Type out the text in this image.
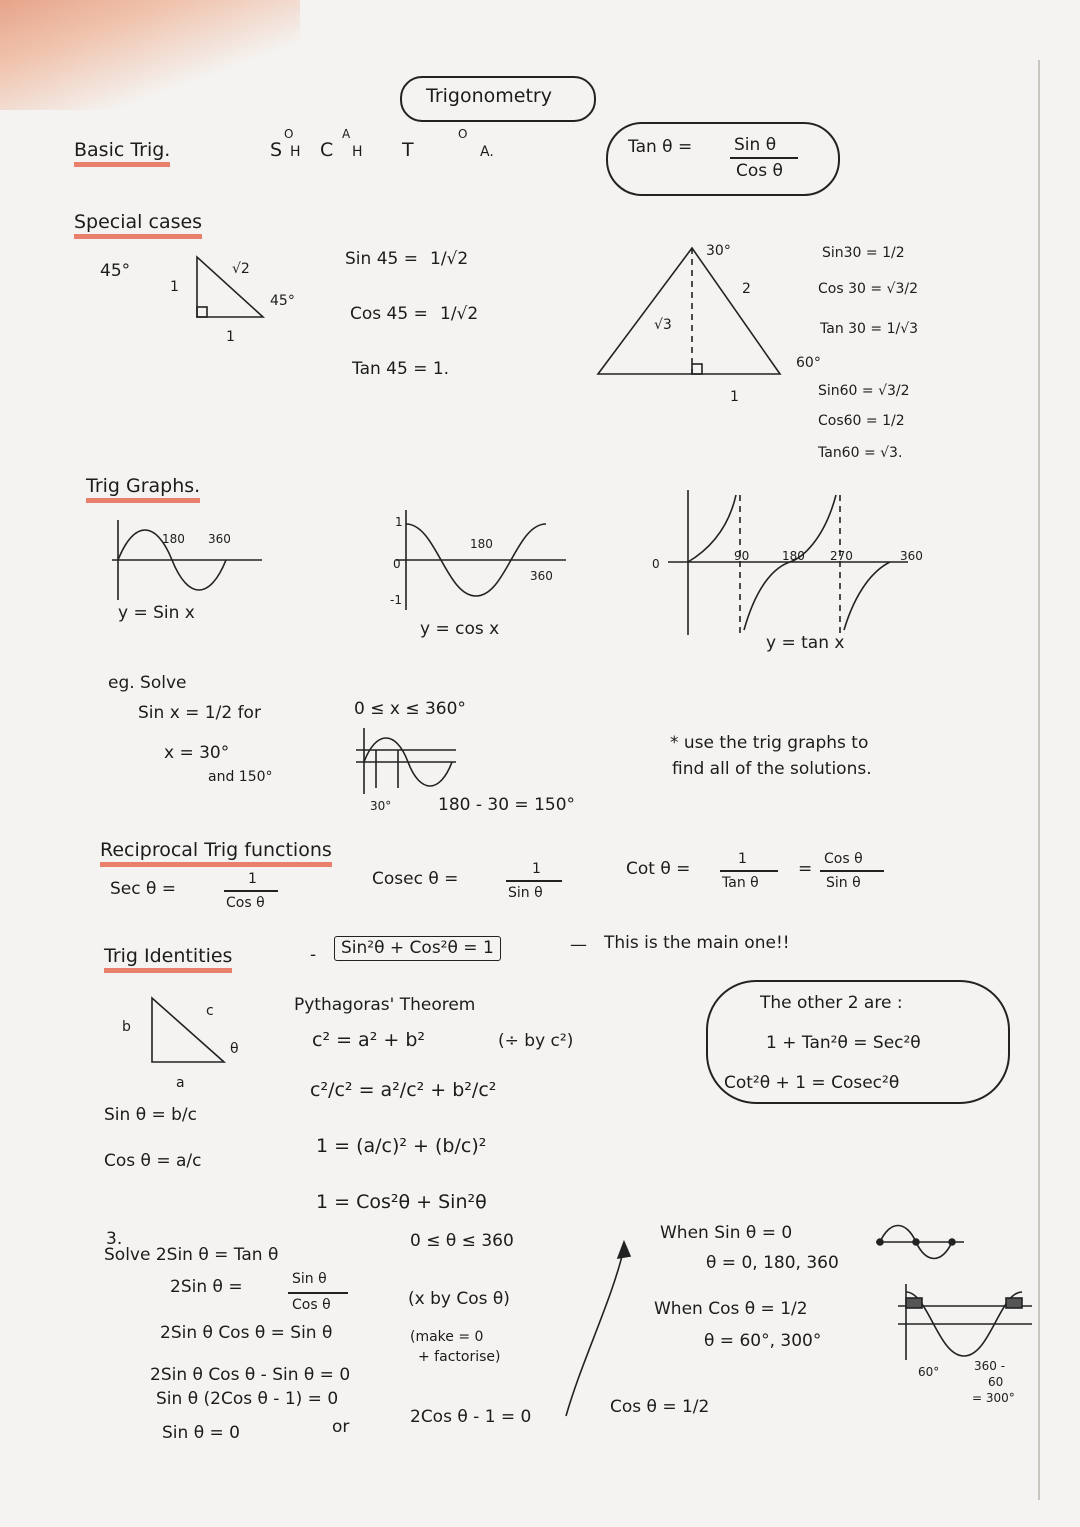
Trigonometry
Basic Trig.	S
O
H C
A
H T
O
A.	Tan θ = Sin θ
Cos θ
Special cases
45°
1
1
√2
45°
Sin 45 = 1/√2
Cos 45 = 1/√2
Tan 45 = 1.
30°
2
√3
1
60°
Sin30 = 1/2
Cos 30 = √3/2
Tan 30 = 1/√3
Sin60 = √3/2
Cos60 = 1/2
Tan60 = √3.
Trig Graphs.
180 360
y = Sin x
1
0
-1
180
360
y = cos x
0
90	180 270	360
y = tan x
eg. Solve
Sin x = 1/2 for	0 ≤ x ≤ 360°
x = 30°
and 150°
30°	180 - 30 = 150°
* use the trig graphs to
find all of the solutions.
Reciprocal Trig functions
Sec θ =	1
Cos θ
Cosec θ =	1
Sin θ
Cot θ =	1
Tan θ
= Cos θ
Sin θ
Trig Identities	-	Sin²θ + Cos²θ = 1	— This is the main one!!
The other 2 are :
1 + Tan²θ = Sec²θ
Cot²θ + 1 = Cosec²θ
c
b
a
θ
Sin θ = b/c
Cos θ = a/c
Pythagoras' Theorem
c² = a² + b²	(÷ by c²)
c²/c² = a²/c² + b²/c²
1 = (a/c)² + (b/c)²
1 = Cos²θ + Sin²θ
3.
Solve 2Sin θ = Tan θ
0 ≤ θ ≤ 360
2Sin θ =	Sin θ
Cos θ	(x by Cos θ)
2Sin θ Cos θ = Sin θ	(make = 0
+ factorise)
2Sin θ Cos θ - Sin θ = 0
Sin θ (2Cos θ - 1) = 0
Sin θ = 0	or	2Cos θ - 1 = 0	Cos θ = 1/2
When Sin θ = 0
θ = 0, 180, 360
When Cos θ = 1/2
θ = 60°, 300°
60°	360 -
60
= 300°
